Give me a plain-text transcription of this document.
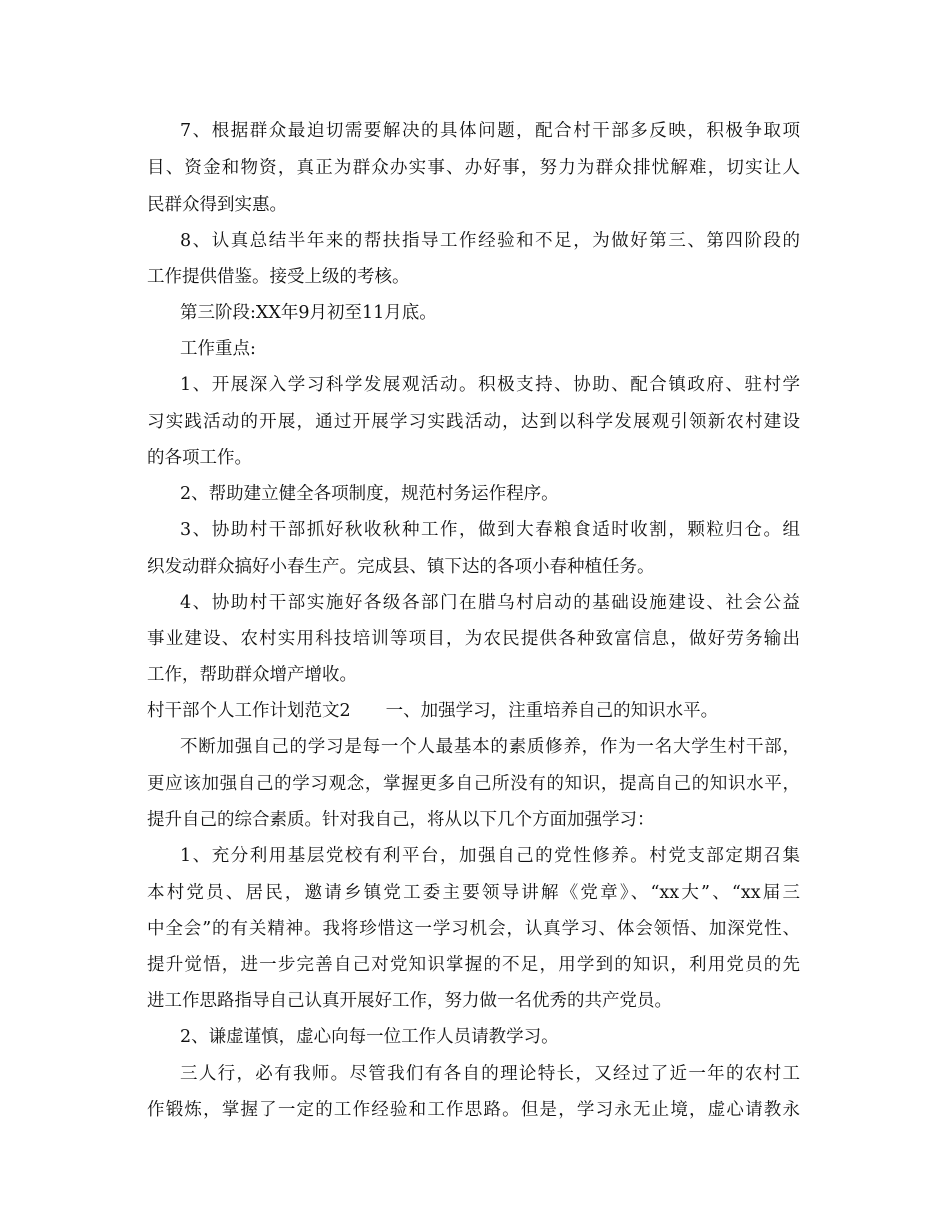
7、根据群众最迫切需要解决的具体问题，配合村干部多反映，积极争取项
目、资金和物资，真正为群众办实事、办好事，努力为群众排忧解难，切实让人
民群众得到实惠。
8、认真总结半年来的帮扶指导工作经验和不足，为做好第三、第四阶段的
工作提供借鉴。接受上级的考核。
第三阶段:XX年9月初至11月底。
工作重点:
1、开展深入学习科学发展观活动。积极支持、协助、配合镇政府、驻村学
习实践活动的开展，通过开展学习实践活动，达到以科学发展观引领新农村建设
的各项工作。
2、帮助建立健全各项制度，规范村务运作程序。
3、协助村干部抓好秋收秋种工作，做到大春粮食适时收割，颗粒归仓。组
织发动群众搞好小春生产。完成县、镇下达的各项小春种植任务。
4、协助村干部实施好各级各部门在腊乌村启动的基础设施建设、社会公益
事业建设、农村实用科技培训等项目，为农民提供各种致富信息，做好劳务输出
工作，帮助群众增产增收。
村干部个人工作计划范文2　　一、加强学习，注重培养自己的知识水平。
不断加强自己的学习是每一个人最基本的素质修养，作为一名大学生村干部，
更应该加强自己的学习观念，掌握更多自己所没有的知识，提高自己的知识水平，
提升自己的综合素质。针对我自己，将从以下几个方面加强学习：
1、充分利用基层党校有利平台，加强自己的党性修养。村党支部定期召集
本村党员、居民，邀请乡镇党工委主要领导讲解《党章》、“xx大”、“xx届三
中全会”的有关精神。我将珍惜这一学习机会，认真学习、体会领悟、加深党性、
提升觉悟，进一步完善自己对党知识掌握的不足，用学到的知识，利用党员的先
进工作思路指导自己认真开展好工作，努力做一名优秀的共产党员。
2、谦虚谨慎，虚心向每一位工作人员请教学习。
三人行，必有我师。尽管我们有各自的理论特长，又经过了近一年的农村工
作锻炼，掌握了一定的工作经验和工作思路。但是，学习永无止境，虚心请教永
